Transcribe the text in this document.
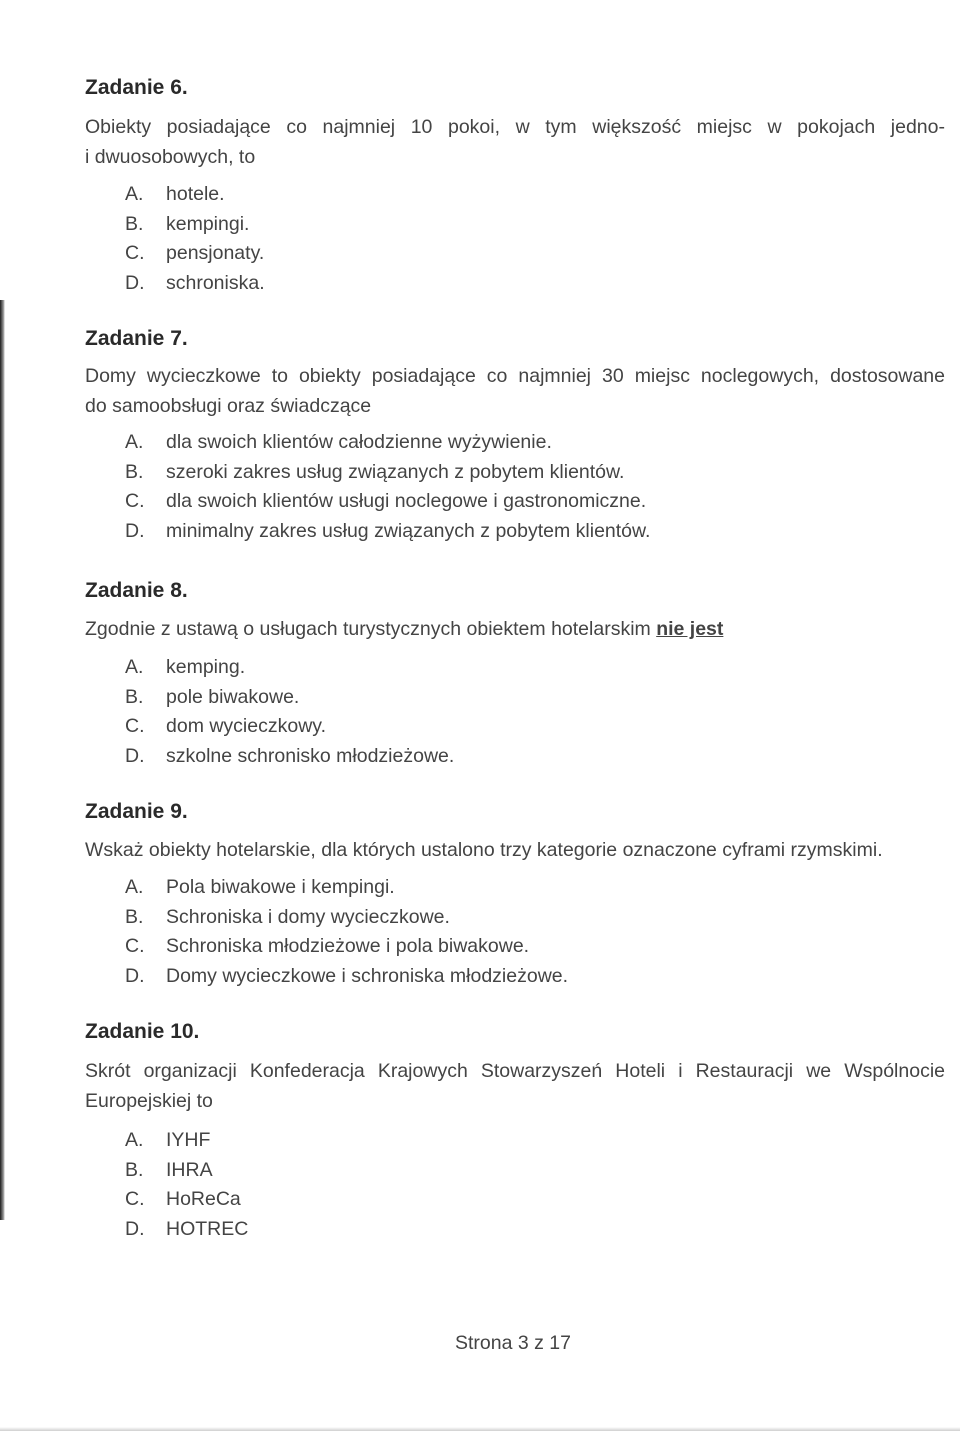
Zadanie 6.
Obiekty posiadające co najmniej 10 pokoi, w tym większość miejsc w pokojach jedno-
i dwuosobowych, to
A. hotele.
B. kempingi.
C. pensjonaty.
D. schroniska.
Zadanie 7.
Domy wycieczkowe to obiekty posiadające co najmniej 30 miejsc noclegowych, dostosowane
do samoobsługi oraz świadczące
A. dla swoich klientów całodzienne wyżywienie.
B. szeroki zakres usług związanych z pobytem klientów.
C. dla swoich klientów usługi noclegowe i gastronomiczne.
D. minimalny zakres usług związanych z pobytem klientów.
Zadanie 8.
Zgodnie z ustawą o usługach turystycznych obiektem hotelarskim nie jest
A. kemping.
B. pole biwakowe.
C. dom wycieczkowy.
D. szkolne schronisko młodzieżowe.
Zadanie 9.
Wskaż obiekty hotelarskie, dla których ustalono trzy kategorie oznaczone cyframi rzymskimi.
A. Pola biwakowe i kempingi.
B. Schroniska i domy wycieczkowe.
C. Schroniska młodzieżowe i pola biwakowe.
D. Domy wycieczkowe i schroniska młodzieżowe.
Zadanie 10.
Skrót organizacji Konfederacja Krajowych Stowarzyszeń Hoteli i Restauracji we Wspólnocie
Europejskiej to
A. IYHF
B. IHRA
C. HoReCa
D. HOTREC
Strona 3 z 17
